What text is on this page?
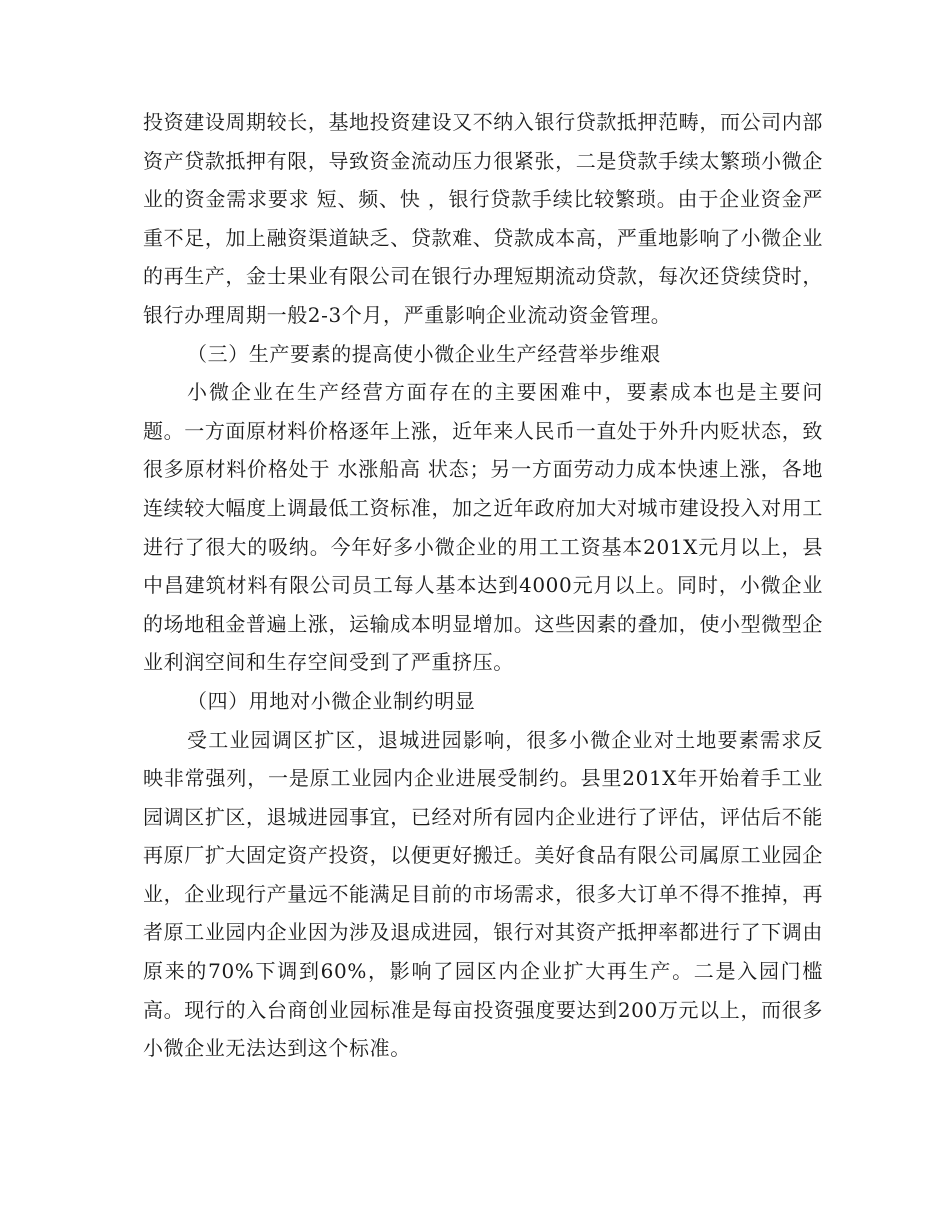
投资建设周期较长，基地投资建设又不纳入银行贷款抵押范畴，而公司内部资产贷款抵押有限，导致资金流动压力很紧张，二是贷款手续太繁琐小微企业的资金需求要求 短、频、快 ，银行贷款手续比较繁琐。由于企业资金严重不足，加上融资渠道缺乏、贷款难、贷款成本高，严重地影响了小微企业的再生产，金士果业有限公司在银行办理短期流动贷款，每次还贷续贷时，银行办理周期一般2-3个月，严重影响企业流动资金管理。

（三）生产要素的提高使小微企业生产经营举步维艰

小微企业在生产经营方面存在的主要困难中，要素成本也是主要问题。一方面原材料价格逐年上涨，近年来人民币一直处于外升内贬状态，致很多原材料价格处于 水涨船高 状态；另一方面劳动力成本快速上涨，各地连续较大幅度上调最低工资标准，加之近年政府加大对城市建设投入对用工进行了很大的吸纳。今年好多小微企业的用工工资基本201X元月以上，县中昌建筑材料有限公司员工每人基本达到4000元月以上。同时，小微企业的场地租金普遍上涨，运输成本明显增加。这些因素的叠加，使小型微型企业利润空间和生存空间受到了严重挤压。

（四）用地对小微企业制约明显

受工业园调区扩区，退城进园影响，很多小微企业对土地要素需求反映非常强列，一是原工业园内企业进展受制约。县里201X年开始着手工业园调区扩区，退城进园事宜，已经对所有园内企业进行了评估，评估后不能再原厂扩大固定资产投资，以便更好搬迁。美好食品有限公司属原工业园企业，企业现行产量远不能满足目前的市场需求，很多大订单不得不推掉，再者原工业园内企业因为涉及退成进园，银行对其资产抵押率都进行了下调由原来的70%下调到60%，影响了园区内企业扩大再生产。二是入园门槛高。现行的入台商创业园标准是每亩投资强度要达到200万元以上，而很多小微企业无法达到这个标准。
